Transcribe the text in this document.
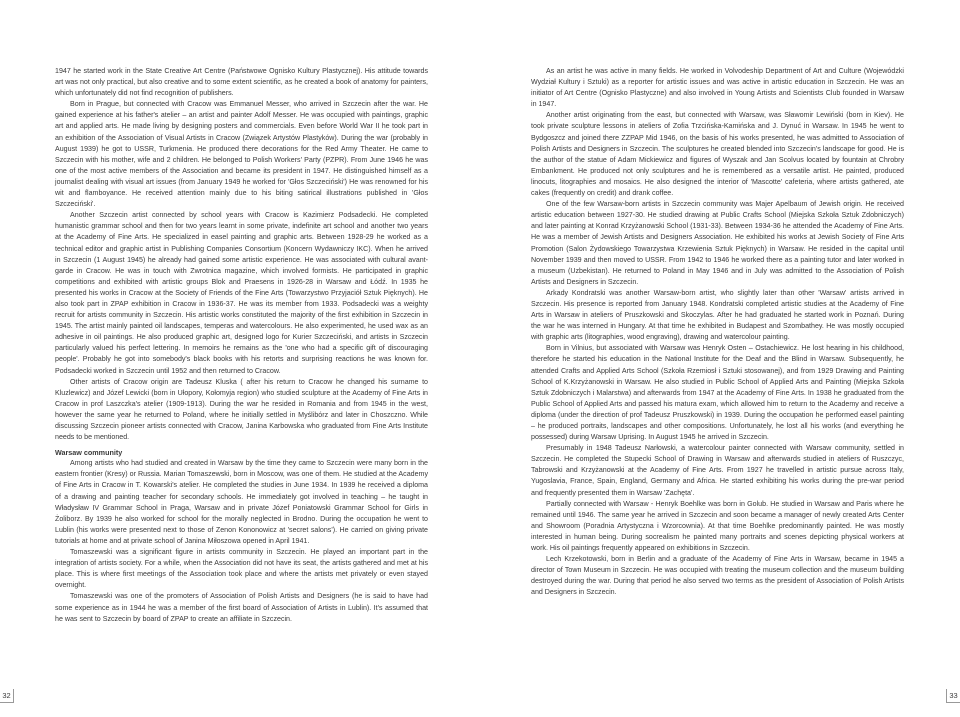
1947 he started work in the State Creative Art Centre (Państwowe Ognisko Kultury Plastycznej). His attitude towards art was not only practical, but also creative and to some extent scientific, as he created a book of anatomy for painters, which unfortunately did not find recognition of publishers.

Born in Prague, but connected with Cracow was Emmanuel Messer, who arrived in Szczecin after the war. He gained experience at his father's atelier – an artist and painter Adolf Messer. He was occupied with paintings, graphic art and applied arts. He made living by designing posters and commercials. Even before World War II he took part in an exhibition of the Association of Visual Artists in Cracow (Związek Artystów Plastyków). During the war (probably in August 1939) he got to USSR, Turkmenia. He produced there decorations for the Red Army Theater. He came to Szczecin with his mother, wife and 2 children. He belonged to Polish Workers' Party (PZPR). From June 1946 he was one of the most active members of the Association and became its president in 1947. He distinguished himself as a journalist dealing with visual art issues (from January 1949 he worked for 'Głos Szczeciński') He was renowned for his wit and flamboyance. He received attention mainly due to his biting satirical illustrations published in 'Głos Szczeciński'.

Another Szczecin artist connected by school years with Cracow is Kazimierz Podsadecki. He completed humanistic grammar school and then for two years learnt in some private, indefinite art school and another two years at the Academy of Fine Arts. He specialized in easel painting and graphic arts. Between 1928-29 he worked as a technical editor and graphic artist in Publishing Companies Consortium (Koncern Wydawniczy IKC). When he arrived in Szczecin (1 August 1945) he already had gained some artistic experience. He was associated with cultural avant-garde in Cracow. He was in touch with Zwrotnica magazine, which involved formists. He participated in graphic competitions and exhibited with artistic groups Blok and Praesens in 1926-28 in Warsaw and Łódź. In 1935 he presented his works in Cracow at the Society of Friends of the Fine Arts (Towarzystwo Przyjaciół Sztuk Pięknych). He also took part in ZPAP exhibition in Cracow in 1936-37. He was its member from 1933. Podsadecki was a weighty recruit for artists community in Szczecin. His artistic works constituted the majority of the first exhibition in Szczecin in 1945. The artist mainly painted oil landscapes, temperas and watercolours. He also experimented, he used wax as an adhesive in oil paintings. He also produced graphic art, designed logo for Kurier Szczeciński, and artists in Szczecin particularly valued his perfect lettering. In memoirs he remains as the 'one who had a specific gift of discouraging people'. Probably he got into somebody's black books with his retorts and surprising reactions he was known for. Podsadecki worked in Szczecin until 1952 and then returned to Cracow.

Other artists of Cracow origin are Tadeusz Kluska ( after his return to Cracow he changed his surname to Kluzlewicz) and Józef Lewicki (born in Ułopory, Kołomyja region) who studied sculpture at the Academy of Fine Arts in Cracow in prof Laszczka's atelier (1909-1913). During the war he resided in Romania and from 1945 in the west, however the same year he returned to Poland, where he initially settled in Myślibórz and later in Choszczno. While discussing Szczecin pioneer artists connected with Cracow, Janina Karbowska who graduated from Fine Arts Institute needs to be mentioned.

Warsaw community

Among artists who had studied and created in Warsaw by the time they came to Szczecin were many born in the eastern frontier (Kresy) or Russia. Marian Tomaszewski, born in Moscow, was one of them. He studied at the Academy of Fine Arts in Cracow in T. Kowarski's atelier. He completed the studies in June 1934. In 1939 he received a diploma of a drawing and painting teacher for secondary schools. He immediately got involved in teaching – he taught in Władysław IV Grammar School in Praga, Warsaw and in private Józef Poniatowski Grammar School for Girls in Żoliborz. By 1939 he also worked for school for the morally neglected in Brodno. During the occupation he went to Lublin (his works were presented next to those of Zenon Kononowicz at 'secret salons'). He carried on giving private tutorials at home and at private school of Janina Miłoszowa opened in April 1941.

Tomaszewski was a significant figure in artists community in Szczecin. He played an important part in the integration of artists society. For a while, when the Association did not have its seat, the artists gathered and met at his place. This is where first meetings of the Association took place and where the artists met privately or even stayed overnight.

Tomaszewski was one of the promoters of Association of Polish Artists and Designers (he is said to have had some experience as in 1944 he was a member of the first board of Association of Artists in Lublin). It's assumed that he was sent to Szczecin by board of ZPAP to create an affiliate in Szczecin.

As an artist he was active in many fields. He worked in Volvodeship Department of Art and Culture (Wojewódzki Wydział Kultury i Sztuki) as a reporter for artistic issues and was active in artistic education in Szczecin. He was an initiator of Art Centre (Ognisko Plastyczne) and also involved in Young Artists and Scientists Club founded in Warsaw in 1947.

Another artist originating from the east, but connected with Warsaw, was Sławomir Lewiński (born in Kiev). He took private sculpture lessons in ateliers of Zofia Trzcińska-Kamińska and J. Dynuć in Warsaw. In 1945 he went to Bydgoszcz and joined there ZZPAP Mid 1946, on the basis of his works presented, he was admitted to Association of Polish Artists and Designers in Szczecin. The sculptures he created blended into Szczecin's landscape for good. He is the author of the statue of Adam Mickiewicz and figures of Wyszak and Jan Scolvus located by fountain at Chrobry Embankment. He produced not only sculptures and he is remembered as a versatile artist. He painted, produced linocuts, litographies and mosaics. He also designed the interior of 'Mascotte' cafeteria, where artists gathered, ate cakes (frequently on credit) and drank coffee.

One of the few Warsaw-born artists in Szczecin community was Majer Apelbaum of Jewish origin. He received artistic education between 1927-30. He studied drawing at Public Crafts School (Miejska Szkoła Sztuk Zdobniczych) and later painting at Konrad Krzyżanowski School (1931-33). Between 1934-36 he attended the Academy of Fine Arts. He was a member of Jewish Artists and Designers Association. He exhibited his works at Jewish Society of Fine Arts Promotion (Salon Żydowskiego Towarzystwa Krzewienia Sztuk Pięknych) in Warsaw. He resided in the capital until November 1939 and then moved to USSR. From 1942 to 1946 he worked there as a painting tutor and later worked in a museum (Uzbekistan). He returned to Poland in May 1946 and in July was admitted to the Association of Polish Artists and Designers in Szczecin.

Arkady Kondratski was another Warsaw-born artist, who slightly later than other 'Warsaw' artists arrived in Szczecin. His presence is reported from January 1948. Kondratski completed artistic studies at the Academy of Fine Arts in Warsaw in ateliers of Pruszkowski and Skoczylas. After he had graduated he started work in Poznań. During the war he was interned in Hungary. At that time he exhibited in Budapest and Szombathey. He was mostly occupied with graphic arts (litographies, wood engraving), drawing and watercolour painting.

Born in Vilnius, but associated with Warsaw was Henryk Osten – Ostachiewicz. He lost hearing in his childhood, therefore he started his education in the National Institute for the Deaf and the Blind in Warsaw. Subsequently, he attended Crafts and Applied Arts School (Szkoła Rzemiosł i Sztuki stosowanej), and from 1929 Drawing and Painting School of K.Krzyżanowski in Warsaw. He also studied in Public School of Applied Arts and Painting (Miejska Szkoła Sztuk Zdobniczych i Malarstwa) and afterwards from 1947 at the Academy of Fine Arts. In 1938 he graduated from the Public School of Applied Arts and passed his matura exam, which allowed him to return to the Academy and receive a diploma (under the direction of prof Tadeusz Pruszkowski) in 1939. During the occupation he performed easel painting – he produced portraits, landscapes and other compositions. Unfortunately, he lost all his works (and everything he possessed) during Warsaw Uprising. In August 1945 he arrived in Szczecin.

Presumably in 1948 Tadeusz Narłowski, a watercolour painter connected with Warsaw community, settled in Szczecin. He completed the Stupecki School of Drawing in Warsaw and afterwards studied in ateliers of Ruszczyc, Tabrowski and Krzyżanowski at the Academy of Fine Arts. From 1927 he travelled in artistic pursue across Italy, Yugoslavia, France, Spain, England, Germany and Africa. He started exhibiting his works during the pre-war period and frequently presented them in Warsaw 'Zachęta'.

Partially connected with Warsaw - Henryk Boehlke was born in Golub. He studied in Warsaw and Paris where he remained until 1946. The same year he arrived in Szczecin and soon became a manager of newly created Arts Center and Showroom (Poradnia Artystyczna i Wzorcownia). At that time Boehlke predominantly painted. He was mostly interested in human being. During socrealism he painted many portraits and scenes depicting physical workers at work. His oil paintings frequently appeared on exhibitions in Szczecin.

Lech Krzekotowski, born in Berlin and a graduate of the Academy of Fine Arts in Warsaw, became in 1945 a director of Town Museum in Szczecin. He was occupied with treating the museum collection and the museum building destroyed during the war. During that period he also served two terms as the president of Association of Polish Artists and Designers in Szczecin.

32	33
